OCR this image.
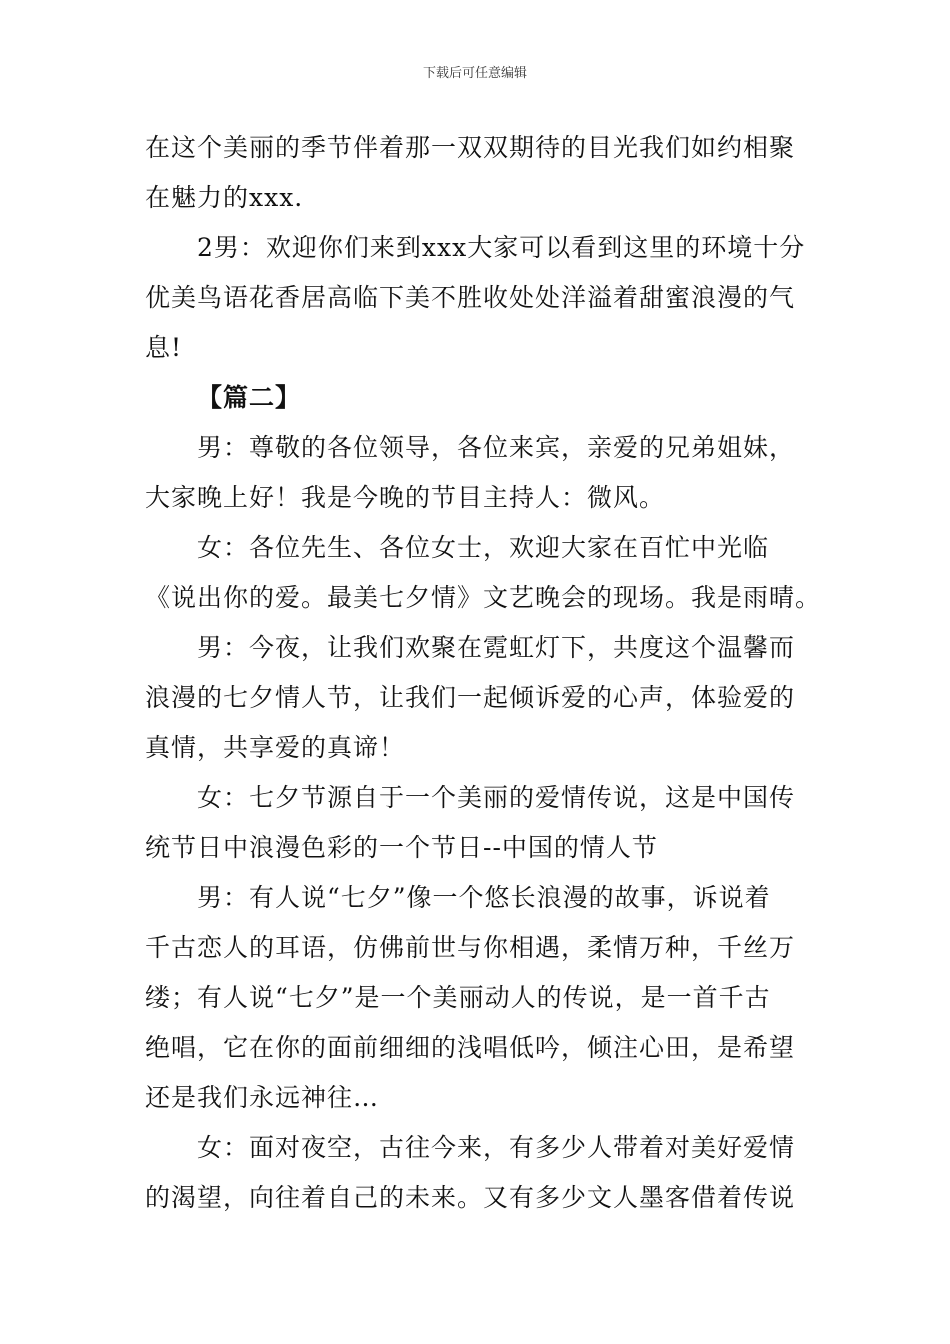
下载后可任意编辑
在这个美丽的季节伴着那一双双期待的目光我们如约相聚
在魅力的xxx.
2男：欢迎你们来到xxx大家可以看到这里的环境十分
优美鸟语花香居高临下美不胜收处处洋溢着甜蜜浪漫的气
息!
【篇二】
男：尊敬的各位领导，各位来宾，亲爱的兄弟姐妹，
大家晚上好！我是今晚的节目主持人：微风。
女：各位先生、各位女士，欢迎大家在百忙中光临
《说出你的爱。最美七夕情》文艺晚会的现场。我是雨晴。
男：今夜，让我们欢聚在霓虹灯下，共度这个温馨而
浪漫的七夕情人节，让我们一起倾诉爱的心声，体验爱的
真情，共享爱的真谛！
女：七夕节源自于一个美丽的爱情传说，这是中国传
统节日中浪漫色彩的一个节日--中国的情人节
男：有人说“七夕”像一个悠长浪漫的故事，诉说着
千古恋人的耳语，仿佛前世与你相遇，柔情万种，千丝万
缕；有人说“七夕”是一个美丽动人的传说，是一首千古
绝唱，它在你的面前细细的浅唱低吟，倾注心田，是希望
还是我们永远神往…
女：面对夜空，古往今来，有多少人带着对美好爱情
的渴望，向往着自己的未来。又有多少文人墨客借着传说
